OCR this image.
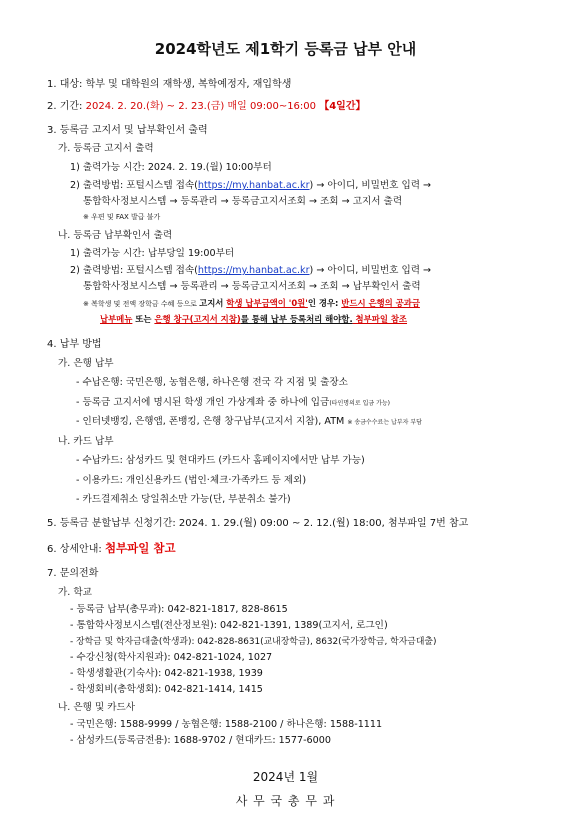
2024학년도 제1학기 등록금 납부 안내
1. 대상: 학부 및 대학원의 재학생, 복학예정자, 재입학생
2. 기간: 2024. 2. 20.(화) ~ 2. 23.(금) 매일 09:00~16:00 【4일간】
3. 등록금 고지서 및 납부확인서 출력
가. 등록금 고지서 출력
1) 출력가능 시간: 2024. 2. 19.(월) 10:00부터
2) 출력방법: 포털시스템 접속(https://my.hanbat.ac.kr) → 아이디, 비밀번호 입력 →
통합학사정보시스템 → 등록관리 → 등록금고지서조회 → 조회 → 고지서 출력
※ 우편 및 FAX 발급 불가
나. 등록금 납부확인서 출력
1) 출력가능 시간: 납부당일 19:00부터
2) 출력방법: 포털시스템 접속(https://my.hanbat.ac.kr) → 아이디, 비밀번호 입력 →
통합학사정보시스템 → 등록관리 → 등록금고지서조회 → 조회 → 납부확인서 출력
※ 복학생 및 전액 장학금 수혜 등으로 고지서 학생 납부금액이 '0원'인 경우: 반드시 은행의 공과금
납부메뉴 또는 은행 창구(고지서 지참)를 통해 납부 등록처리 해야함. 첨부파일 참조
4. 납부 방법
가. 은행 납부
- 수납은행: 국민은행, 농협은행, 하나은행 전국 각 지점 및 출장소
- 등록금 고지서에 명시된 학생 개인 가상계좌 중 하나에 입금(타인명의로 입금 가능)
- 인터넷뱅킹, 은행앱, 폰뱅킹, 은행 창구납부(고지서 지참), ATM ※ 송금수수료는 납부자 부담
나. 카드 납부
- 수납카드: 삼성카드 및 현대카드 (카드사 홈페이지에서만 납부 가능)
- 이용카드: 개인신용카드 (법인·체크·가족카드 등 제외)
- 카드결제취소 당일취소만 가능(단, 부분취소 불가)
5. 등록금 분할납부 신청기간: 2024. 1. 29.(월) 09:00 ~ 2. 12.(월) 18:00, 첨부파일 7번 참고
6. 상세안내: 첨부파일 참고
7. 문의전화
가. 학교
- 등록금 납부(총무과): 042-821-1817, 828-8615
- 통합학사정보시스템(전산정보원): 042-821-1391, 1389(고지서, 로그인)
- 장학금 및 학자금대출(학생과): 042-828-8631(교내장학금), 8632(국가장학금, 학자금대출)
- 수강신청(학사지원과): 042-821-1024, 1027
- 학생생활관(기숙사): 042-821-1938, 1939
- 학생회비(총학생회): 042-821-1414, 1415
나. 은행 및 카드사
- 국민은행: 1588-9999 / 농협은행: 1588-2100 / 하나은행: 1588-1111
- 삼성카드(등록금전용): 1688-9702 / 현대카드: 1577-6000
2024년 1월
사 무 국 총 무 과
